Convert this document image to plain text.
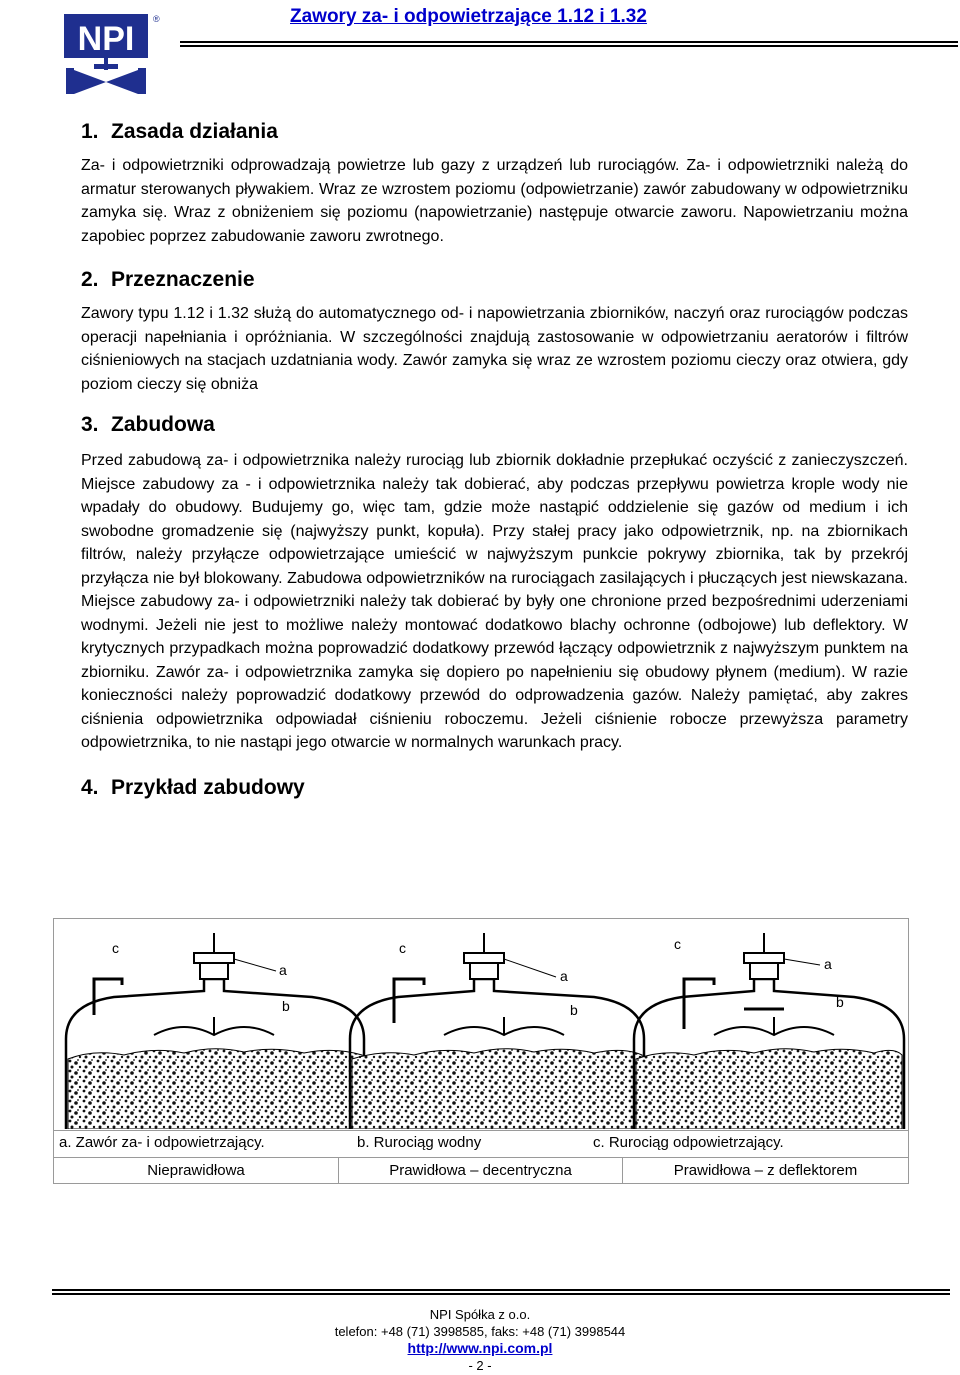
NPI
®	Zawory za- i odpowietrzające 1.12 i 1.32
1. Zasada działania

Za- i odpowietrzniki odprowadzają powietrze lub gazy z urządzeń lub rurociągów. Za- i odpowietrzniki należą do armatur sterowanych pływakiem. Wraz ze wzrostem poziomu (odpowietrzanie) zawór zabudowany w odpowietrzniku zamyka się. Wraz z obniżeniem się poziomu (napowietrzanie) następuje otwarcie zaworu. Napowietrzaniu można zapobiec poprzez zabudowanie zaworu zwrotnego.

2. Przeznaczenie

Zawory typu 1.12 i 1.32 służą do automatycznego od- i napowietrzania zbiorników, naczyń oraz rurociągów podczas operacji napełniania i opróżniania. W szczególności znajdują zastosowanie w odpowietrzaniu aeratorów i filtrów ciśnieniowych na stacjach uzdatniania wody. Zawór zamyka się wraz ze wzrostem poziomu cieczy oraz otwiera, gdy poziom cieczy się obniża

3. Zabudowa

Przed zabudową za- i odpowietrznika należy rurociąg lub zbiornik dokładnie przepłukać oczyścić z zanieczyszczeń. Miejsce zabudowy za - i odpowietrznika należy tak dobierać, aby podczas przepływu powietrza krople wody nie wpadały do obudowy. Budujemy go, więc tam, gdzie może nastąpić oddzielenie się gazów od medium i ich swobodne gromadzenie się (najwyższy punkt, kopuła). Przy stałej pracy jako odpowietrznik, np. na zbiornikach filtrów, należy przyłącze odpowietrzające umieścić w najwyższym punkcie pokrywy zbiornika, tak by przekrój przyłącza nie był blokowany. Zabudowa odpowietrzników na rurociągach zasilających i płuczących jest niewskazana. Miejsce zabudowy za- i odpowietrzniki należy tak dobierać by były one chronione przed bezpośrednimi uderzeniami wodnymi. Jeżeli nie jest to możliwe należy montować dodatkowo blachy ochronne (odbojowe) lub deflektory. W krytycznych przypadkach można poprowadzić dodatkowy przewód łączący odpowietrznik z najwyższym punktem na zbiorniku. Zawór za- i odpowietrznika zamyka się dopiero po napełnieniu się obudowy płynem (medium). W razie konieczności należy poprowadzić dodatkowy przewód do odprowadzenia gazów. Należy pamiętać, aby zakres ciśnienia odpowietrznika odpowiadał ciśnieniu roboczemu. Jeżeli ciśnienie robocze przewyższa parametry odpowietrznika, to nie nastąpi jego otwarcie w normalnych warunkach pracy.

4. Przykład zabudowy
c
a
b
c
a
b
c
a
b
a. Zawór za- i odpowietrzający.	b. Rurociąg wodny	c. Rurociąg odpowietrzający.
Nieprawidłowa	Prawidłowa – decentryczna	Prawidłowa – z deflektorem
NPI Spółka z o.o.
telefon: +48 (71) 3998585, faks: +48 (71) 3998544
http://www.npi.com.pl
- 2 -
